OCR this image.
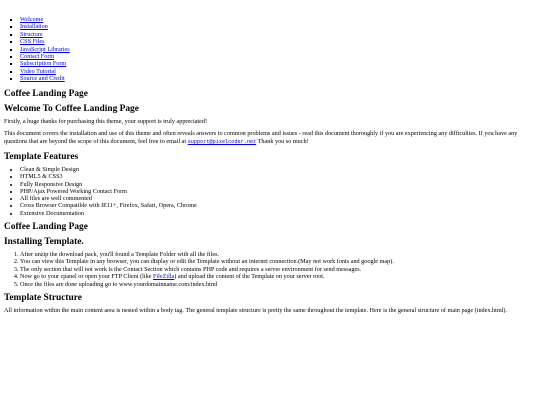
▪ Welcome
▪ Installation
▪ Structure
▪ CSS Files
▪ JavaScript Libraries
▪ Contact Form
▪ Subscription Form
▪ Video Tutorial
▪ Source and Credit
Coffee Landing Page
Welcome To Coffee Landing Page

Firstly, a huge thanks for purchasing this theme, your support is truly appreciated!

This document covers the installation and use of this theme and often reveals answers to common problems and issues - read this document thoroughly if you are experiencing any difficulties. If you have any questions that are beyond the scope of this document, feel free to email at support@pixelcoder.net Thank you so much!

Template Features
• Clean & Simple Design
• HTML5 & CSS3
• Fully Responsive Design
• PHP/Ajax Powered Working Contact Form
• All files are well commented
• Cross Browser Compatible with IE11+, Firefox, Safari, Opera, Chrome
• Extensive Documentation
Coffee Landing Page
Installing Template.
1. After unzip the download pack, you'll found a Template Folder with all the files.
2. You can view this Template in any browser, you can display or edit the Template without an internet connection.(May not work fonts and google map).
3. The only section that will not work is the Contact Section which contains PHP code and requires a server environment for send messages.
4. Now go to your cpanel or open your FTP Client (like FileZilla) and upload the content of the Template on your server root.
5. Once the files are done uploading go to www.yourdomainname.com/index.html
Template Structure

All information within the main content area is nested within a body tag. The general template structure is pretty the same throughout the template. Here is the general structure of main page (index.html).
